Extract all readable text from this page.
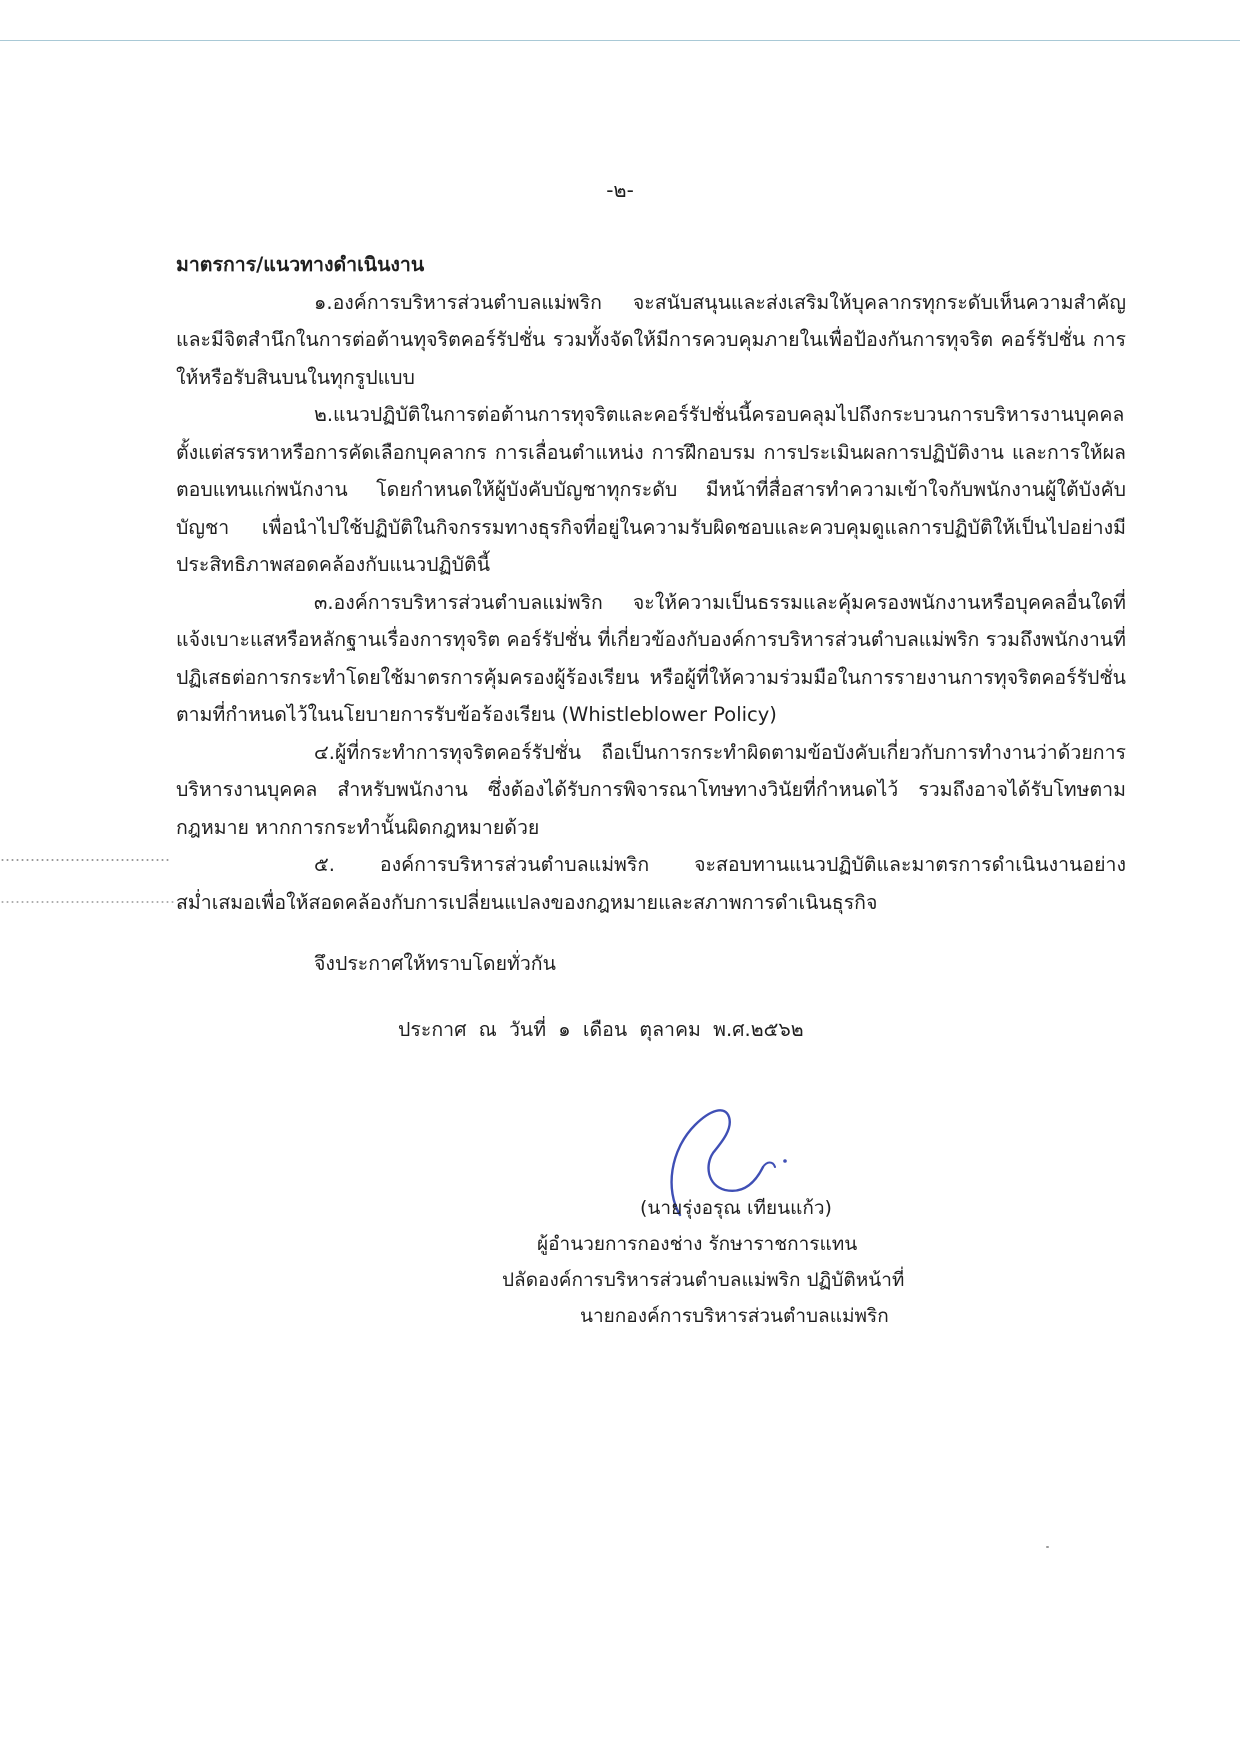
-๒-

มาตรการ/แนวทางดำเนินงาน

๑.องค์การบริหารส่วนตำบลแม่พริก จะสนับสนุนและส่งเสริมให้บุคลากรทุกระดับเห็นความสำคัญและมีจิตสำนึกในการต่อต้านทุจริตคอร์รัปชั่น รวมทั้งจัดให้มีการควบคุมภายในเพื่อป้องกันการทุจริต คอร์รัปชั่น การให้หรือรับสินบนในทุกรูปแบบ

๒.แนวปฏิบัติในการต่อต้านการทุจริตและคอร์รัปชั่นนี้ครอบคลุมไปถึงกระบวนการบริหารงานบุคคลตั้งแต่สรรหาหรือการคัดเลือกบุคลากร การเลื่อนตำแหน่ง การฝึกอบรม การประเมินผลการปฏิบัติงาน และการให้ผลตอบแทนแก่พนักงาน โดยกำหนดให้ผู้บังคับบัญชาทุกระดับ มีหน้าที่สื่อสารทำความเข้าใจกับพนักงานผู้ใต้บังคับบัญชา เพื่อนำไปใช้ปฏิบัติในกิจกรรมทางธุรกิจที่อยู่ในความรับผิดชอบและควบคุมดูแลการปฏิบัติให้เป็นไปอย่างมีประสิทธิภาพสอดคล้องกับแนวปฏิบัตินี้

๓.องค์การบริหารส่วนตำบลแม่พริก จะให้ความเป็นธรรมและคุ้มครองพนักงานหรือบุคคลอื่นใดที่แจ้งเบาะแสหรือหลักฐานเรื่องการทุจริต คอร์รัปชั่น ที่เกี่ยวข้องกับองค์การบริหารส่วนตำบลแม่พริก รวมถึงพนักงานที่ปฏิเสธต่อการกระทำโดยใช้มาตรการคุ้มครองผู้ร้องเรียน หรือผู้ที่ให้ความร่วมมือในการรายงานการทุจริตคอร์รัปชั่น ตามที่กำหนดไว้ในนโยบายการรับข้อร้องเรียน (Whistleblower Policy)

๔.ผู้ที่กระทำการทุจริตคอร์รัปชั่น ถือเป็นการกระทำผิดตามข้อบังคับเกี่ยวกับการทำงานว่าด้วยการบริหารงานบุคคล สำหรับพนักงาน ซึ่งต้องได้รับการพิจารณาโทษทางวินัยที่กำหนดไว้ รวมถึงอาจได้รับโทษตามกฎหมาย หากการกระทำนั้นผิดกฎหมายด้วย

๕. องค์การบริหารส่วนตำบลแม่พริก จะสอบทานแนวปฏิบัติและมาตรการดำเนินงานอย่างสม่ำเสมอเพื่อให้สอดคล้องกับการเปลี่ยนแปลงของกฎหมายและสภาพการดำเนินธุรกิจ

จึงประกาศให้ทราบโดยทั่วกัน
ประกาศ ณ วันที่ ๑ เดือน ตุลาคม พ.ศ.๒๕๖๒
(นายรุ่งอรุณ เทียนแก้ว)
ผู้อำนวยการกองช่าง รักษาราชการแทน
ปลัดองค์การบริหารส่วนตำบลแม่พริก ปฏิบัติหน้าที่
นายกองค์การบริหารส่วนตำบลแม่พริก
